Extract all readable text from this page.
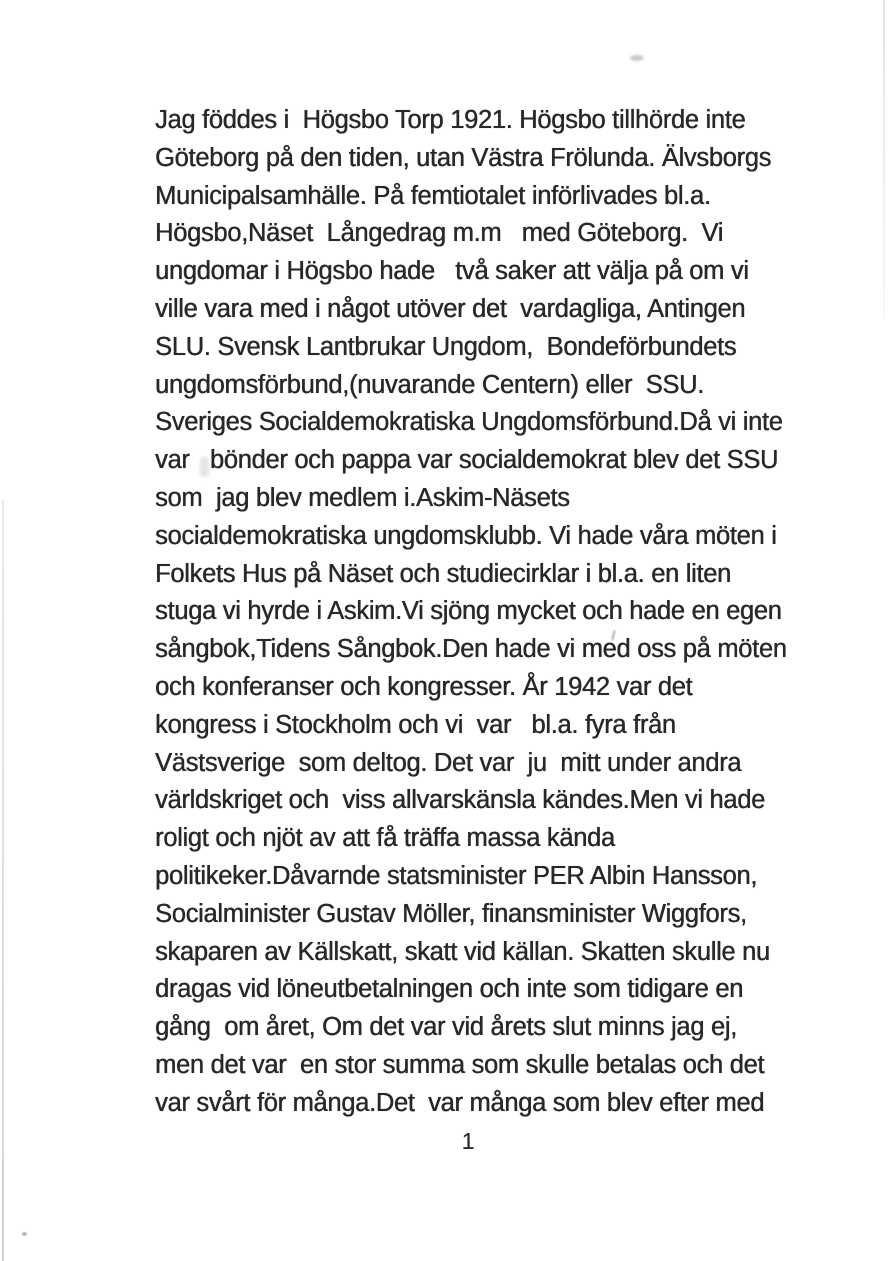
Jag föddes i  Högsbo Torp 1921. Högsbo tillhörde inte
Göteborg på den tiden, utan Västra Frölunda. Älvsborgs
Municipalsamhälle. På femtiotalet införlivades bl.a.
Högsbo,Näset  Långedrag m.m   med Göteborg.  Vi
ungdomar i Högsbo hade   två saker att välja på om vi
ville vara med i något utöver det  vardagliga, Antingen
SLU. Svensk Lantbrukar Ungdom,  Bondeförbundets
ungdomsförbund,(nuvarande Centern) eller  SSU.
Sveriges Socialdemokratiska Ungdomsförbund.Då vi inte
var   bönder och pappa var socialdemokrat blev det SSU
som  jag blev medlem i.Askim-Näsets
socialdemokratiska ungdomsklubb. Vi hade våra möten i
Folkets Hus på Näset och studiecirklar i bl.a. en liten
stuga vi hyrde i Askim.Vi sjöng mycket och hade en egen
sångbok,Tidens Sångbok.Den hade vi med oss på möten
och konferanser och kongresser. År 1942 var det
kongress i Stockholm och vi  var   bl.a. fyra från
Västsverige  som deltog. Det var  ju  mitt under andra
världskriget och  viss allvarskänsla kändes.Men vi hade
roligt och njöt av att få träffa massa kända
politikeker.Dåvarnde statsminister PER Albin Hansson,
Socialminister Gustav Möller, finansminister Wiggfors,
skaparen av Källskatt, skatt vid källan. Skatten skulle nu
dragas vid löneutbetalningen och inte som tidigare en
gång  om året, Om det var vid årets slut minns jag ej,
men det var  en stor summa som skulle betalas och det
var svårt för många.Det  var många som blev efter med
1
